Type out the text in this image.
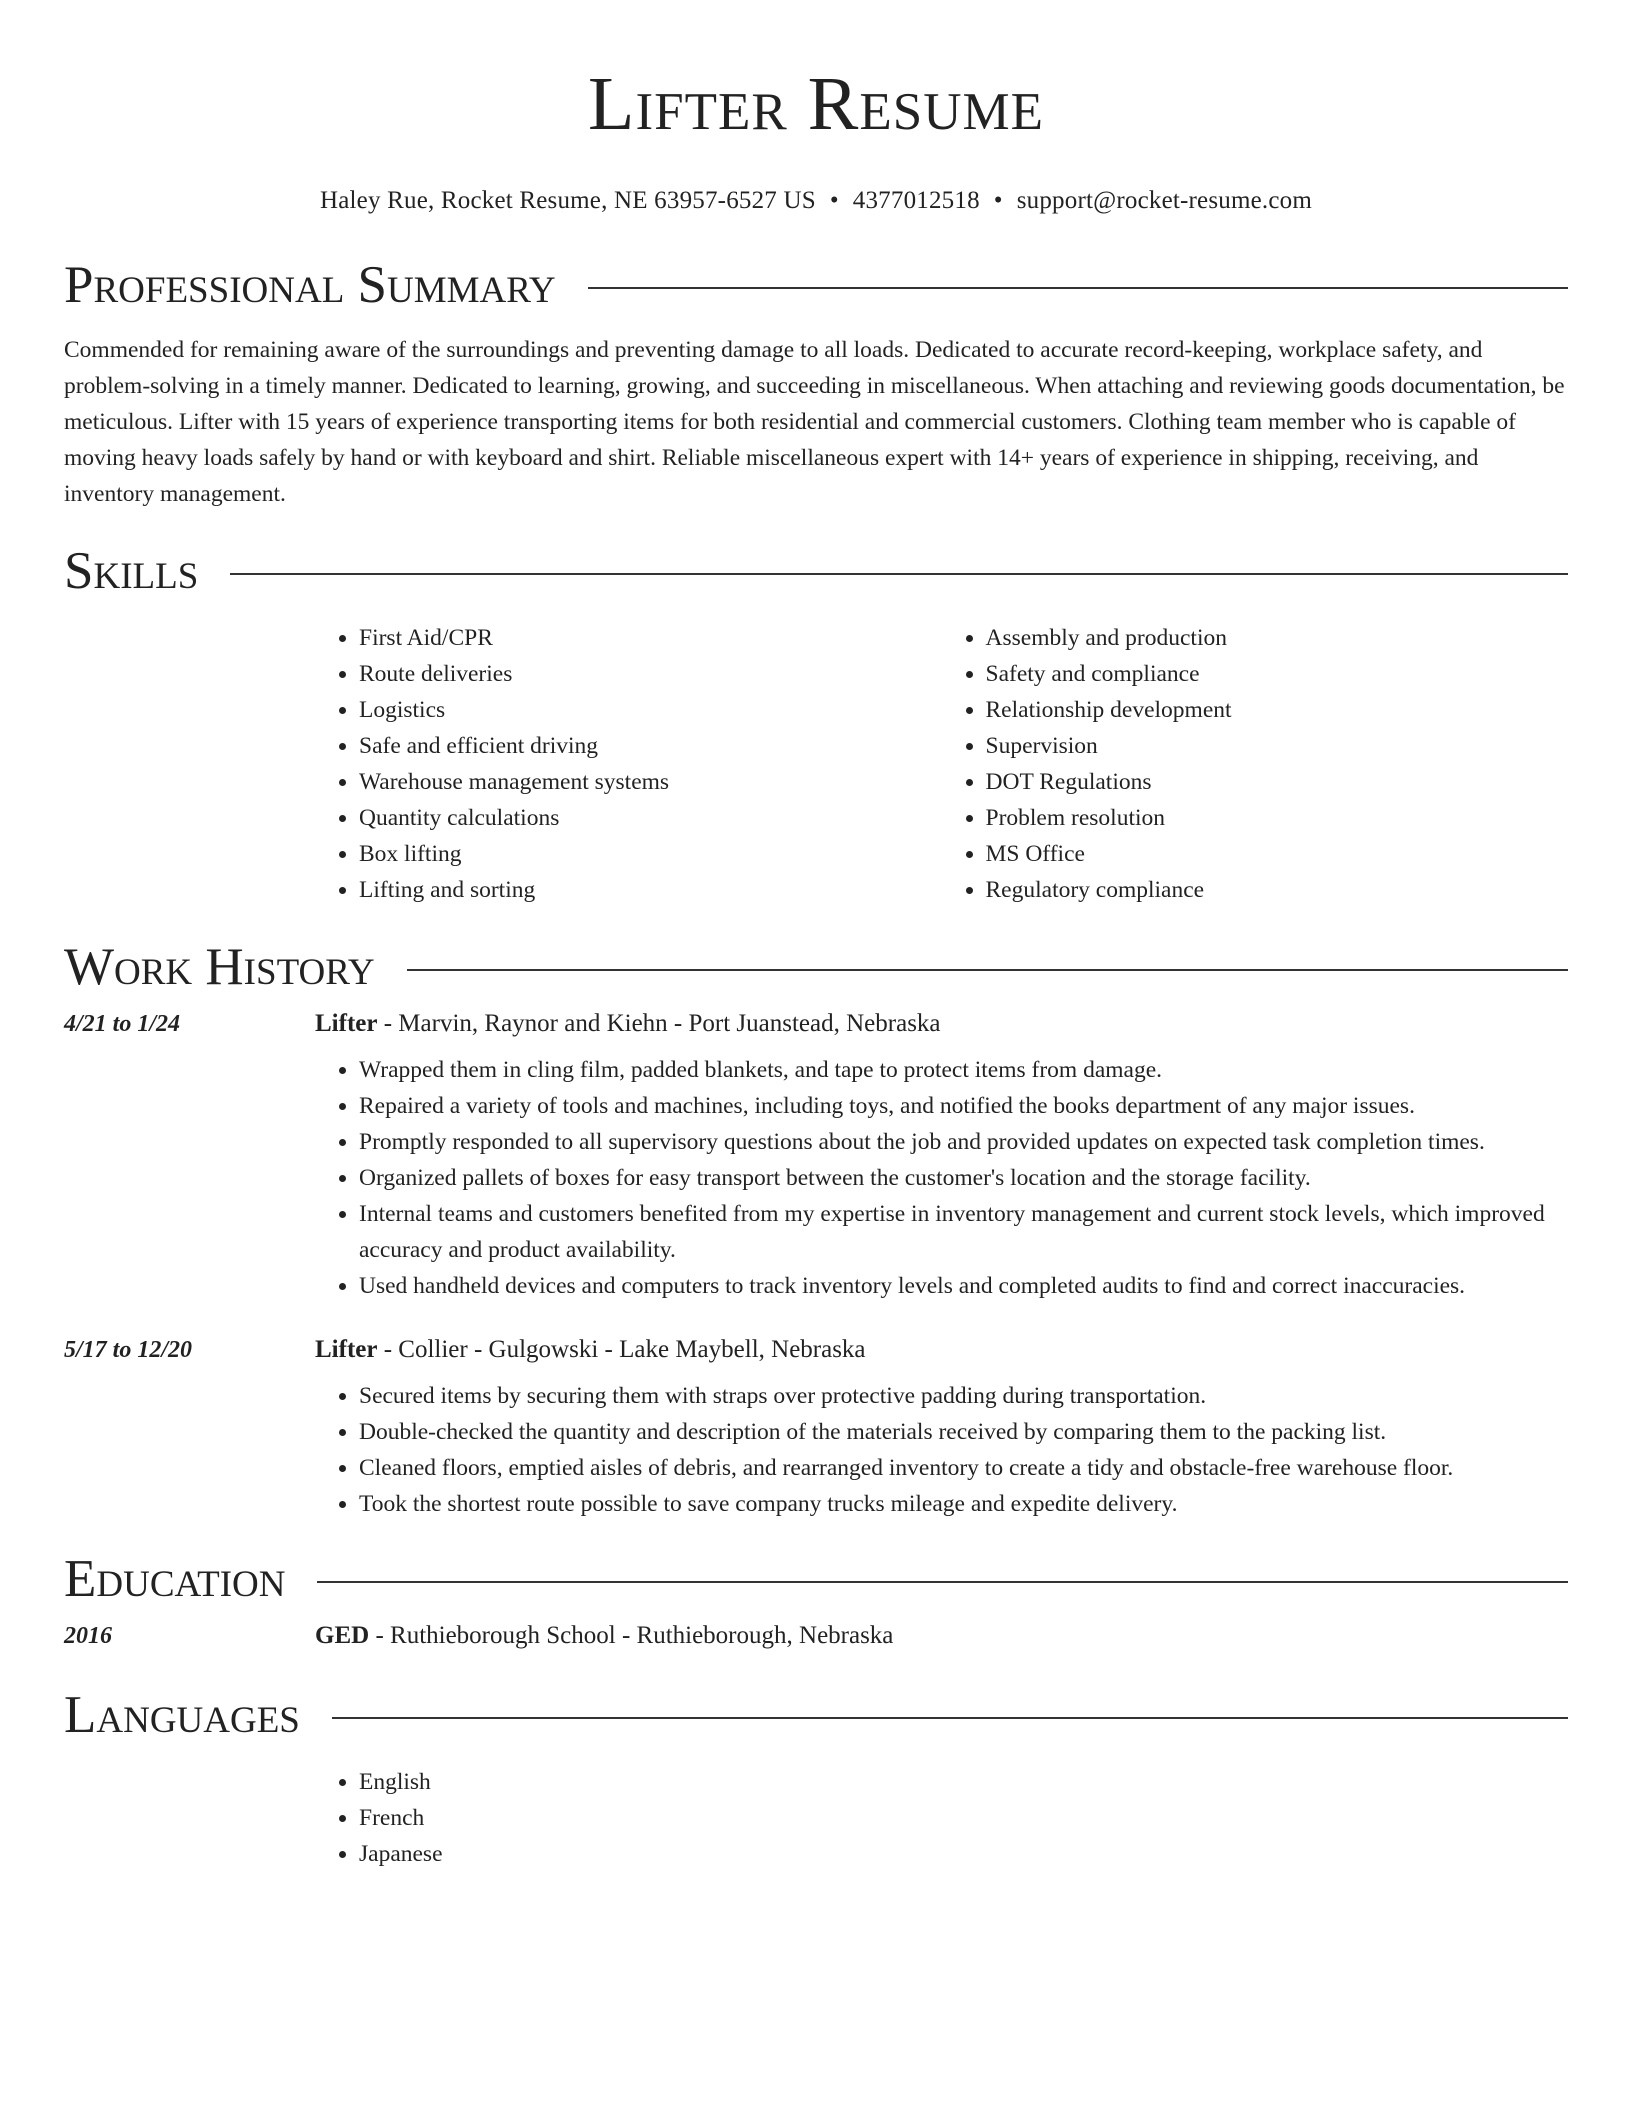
Lifter Resume
Haley Rue, Rocket Resume, NE 63957-6527 US • 4377012518 • support@rocket-resume.com
Professional Summary

Commended for remaining aware of the surroundings and preventing damage to all loads. Dedicated to accurate record-keeping, workplace safety, and problem-solving in a timely manner. Dedicated to learning, growing, and succeeding in miscellaneous. When attaching and reviewing goods documentation, be meticulous. Lifter with 15 years of experience transporting items for both residential and commercial customers. Clothing team member who is capable of moving heavy loads safely by hand or with keyboard and shirt. Reliable miscellaneous expert with 14+ years of experience in shipping, receiving, and inventory management.

Skills
• First Aid/CPR
• Route deliveries
• Logistics
• Safe and efficient driving
• Warehouse management systems
• Quantity calculations
• Box lifting
• Lifting and sorting
• Assembly and production
• Safety and compliance
• Relationship development
• Supervision
• DOT Regulations
• Problem resolution
• MS Office
• Regulatory compliance
Work History
4/21 to 1/24	Lifter - Marvin, Raynor and Kiehn - Port Juanstead, Nebraska
• Wrapped them in cling film, padded blankets, and tape to protect items from damage.
• Repaired a variety of tools and machines, including toys, and notified the books department of any major issues.
• Promptly responded to all supervisory questions about the job and provided updates on expected task completion times.
• Organized pallets of boxes for easy transport between the customer's location and the storage facility.
• Internal teams and customers benefited from my expertise in inventory management and current stock levels, which improved accuracy and product availability.
• Used handheld devices and computers to track inventory levels and completed audits to find and correct inaccuracies.
5/17 to 12/20	Lifter - Collier - Gulgowski - Lake Maybell, Nebraska
• Secured items by securing them with straps over protective padding during transportation.
• Double-checked the quantity and description of the materials received by comparing them to the packing list.
• Cleaned floors, emptied aisles of debris, and rearranged inventory to create a tidy and obstacle-free warehouse floor.
• Took the shortest route possible to save company trucks mileage and expedite delivery.
Education
2016	GED - Ruthieborough School - Ruthieborough, Nebraska
Languages
• English
• French
• Japanese
